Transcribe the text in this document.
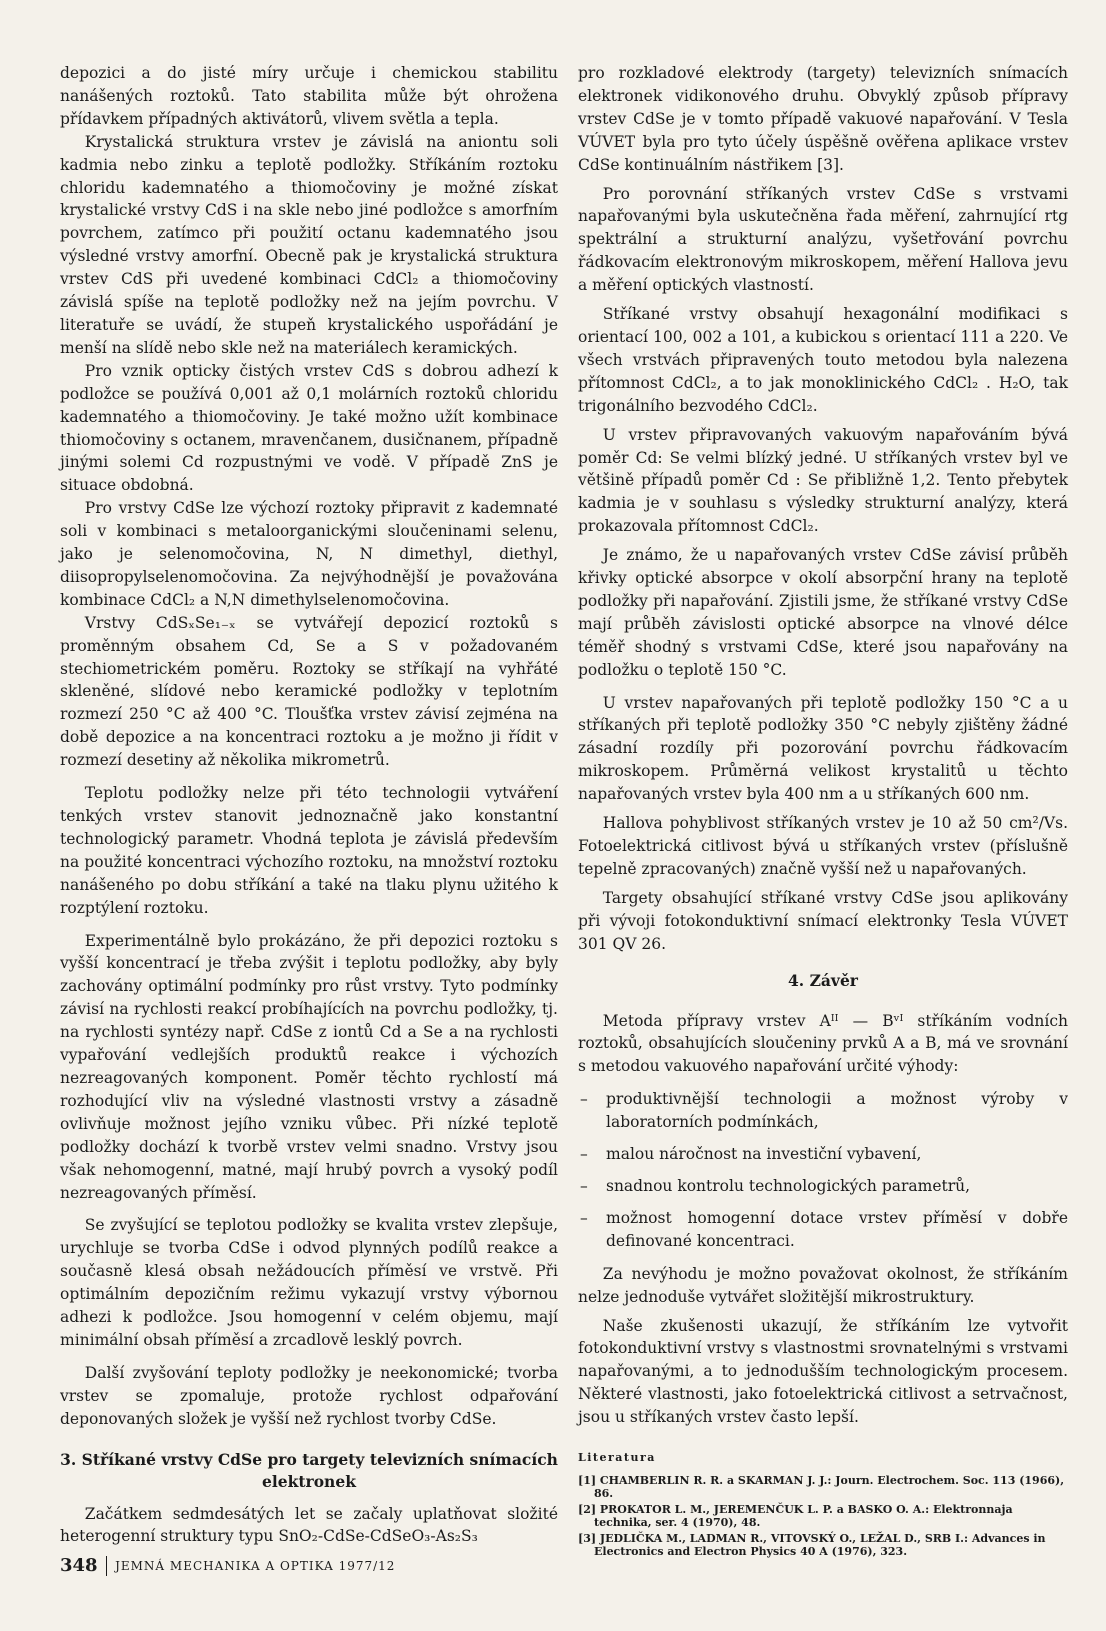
depozici a do jisté míry určuje i chemickou stabilitu nanášených roztoků. Tato stabilita může být ohrožena přídavkem případných aktivátorů, vlivem světla a tepla.

Krystalická struktura vrstev je závislá na aniontu soli kadmia nebo zinku a teplotě podložky. Stříkáním roztoku chloridu kademnatého a thiomočoviny je možné získat krystalické vrstvy CdS i na skle nebo jiné podložce s amorfním povrchem, zatímco při použití octanu kademnatého jsou výsledné vrstvy amorfní. Obecně pak je krystalická struktura vrstev CdS při uvedené kombinaci CdCl₂ a thiomočoviny závislá spíše na teplotě podložky než na jejím povrchu. V literatuře se uvádí, že stupeň krystalického uspořádání je menší na slídě nebo skle než na materiálech keramických.

Pro vznik opticky čistých vrstev CdS s dobrou adhezí k podložce se používá 0,001 až 0,1 molárních roztoků chloridu kademnatého a thiomočoviny. Je také možno užít kombinace thiomočoviny s octanem, mravenčanem, dusičnanem, případně jinými solemi Cd rozpustnými ve vodě. V případě ZnS je situace obdobná.

Pro vrstvy CdSe lze výchozí roztoky připravit z kademnaté soli v kombinaci s metaloorganickými sloučeninami selenu, jako je selenomočovina, N, N dimethyl, diethyl, diisopropylselenomočovina. Za nejvýhodnější je považována kombinace CdCl₂ a N,N dimethylselenomočovina.

Vrstvy CdSₓSe₁₋ₓ se vytvářejí depozicí roztoků s proměnným obsahem Cd, Se a S v požadovaném stechiometrickém poměru. Roztoky se stříkají na vyhřáté skleněné, slídové nebo keramické podložky v teplotním rozmezí 250 °C až 400 °C. Tloušťka vrstev závisí zejména na době depozice a na koncentraci roztoku a je možno ji řídit v rozmezí desetiny až několika mikrometrů.

Teplotu podložky nelze při této technologii vytváření tenkých vrstev stanovit jednoznačně jako konstantní technologický parametr. Vhodná teplota je závislá především na použité koncentraci výchozího roztoku, na množství roztoku nanášeného po dobu stříkání a také na tlaku plynu užitého k rozptýlení roztoku.

Experimentálně bylo prokázáno, že při depozici roztoku s vyšší koncentrací je třeba zvýšit i teplotu podložky, aby byly zachovány optimální podmínky pro růst vrstvy. Tyto podmínky závisí na rychlosti reakcí probíhajících na povrchu podložky, tj. na rychlosti syntézy např. CdSe z iontů Cd a Se a na rychlosti vypařování vedlejších produktů reakce i výchozích nezreagovaných komponent. Poměr těchto rychlostí má rozhodující vliv na výsledné vlastnosti vrstvy a zásadně ovlivňuje možnost jejího vzniku vůbec. Při nízké teplotě podložky dochází k tvorbě vrstev velmi snadno. Vrstvy jsou však nehomogenní, matné, mají hrubý povrch a vysoký podíl nezreagovaných příměsí.

Se zvyšující se teplotou podložky se kvalita vrstev zlepšuje, urychluje se tvorba CdSe i odvod plynných podílů reakce a současně klesá obsah nežádoucích příměsí ve vrstvě. Při optimálním depozičním režimu vykazují vrstvy výbornou adhezi k podložce. Jsou homogenní v celém objemu, mají minimální obsah příměsí a zrcadlově lesklý povrch.

Další zvyšování teploty podložky je neekonomické; tvorba vrstev se zpomaluje, protože rychlost odpařování deponovaných složek je vyšší než rychlost tvorby CdSe.

3. Stříkané vrstvy CdSe pro targety televizních snímacích elektronek

Začátkem sedmdesátých let se začaly uplatňovat složité heterogenní struktury typu SnO₂-CdSe-CdSeO₃-As₂S₃

pro rozkladové elektrody (targety) televizních snímacích elektronek vidikonového druhu. Obvyklý způsob přípravy vrstev CdSe je v tomto případě vakuové napařování. V Tesla VÚVET byla pro tyto účely úspěšně ověřena aplikace vrstev CdSe kontinuálním nástřikem [3].

Pro porovnání stříkaných vrstev CdSe s vrstvami napařovanými byla uskutečněna řada měření, zahrnující rtg spektrální a strukturní analýzu, vyšetřování povrchu řádkovacím elektronovým mikroskopem, měření Hallova jevu a měření optických vlastností.

Stříkané vrstvy obsahují hexagonální modifikaci s orientací 100, 002 a 101, a kubickou s orientací 111 a 220. Ve všech vrstvách připravených touto metodou byla nalezena přítomnost CdCl₂, a to jak monoklinického CdCl₂ . H₂O, tak trigonálního bezvodého CdCl₂.

U vrstev připravovaných vakuovým napařováním bývá poměr Cd: Se velmi blízký jedné. U stříkaných vrstev byl ve většině případů poměr Cd : Se přibližně 1,2. Tento přebytek kadmia je v souhlasu s výsledky strukturní analýzy, která prokazovala přítomnost CdCl₂.

Je známo, že u napařovaných vrstev CdSe závisí průběh křivky optické absorpce v okolí absorpční hrany na teplotě podložky při napařování. Zjistili jsme, že stříkané vrstvy CdSe mají průběh závislosti optické absorpce na vlnové délce téměř shodný s vrstvami CdSe, které jsou napařovány na podložku o teplotě 150 °C.

U vrstev napařovaných při teplotě podložky 150 °C a u stříkaných při teplotě podložky 350 °C nebyly zjištěny žádné zásadní rozdíly při pozorování povrchu řádkovacím mikroskopem. Průměrná velikost krystalitů u těchto napařovaných vrstev byla 400 nm a u stříkaných 600 nm.

Hallova pohyblivost stříkaných vrstev je 10 až 50 cm²/Vs. Fotoelektrická citlivost bývá u stříkaných vrstev (příslušně tepelně zpracovaných) značně vyšší než u napařovaných.

Targety obsahující stříkané vrstvy CdSe jsou aplikovány při vývoji fotokonduktivní snímací elektronky Tesla VÚVET 301 QV 26.

4. Závěr

Metoda přípravy vrstev Aᴵᴵ — Bᵛᴵ stříkáním vodních roztoků, obsahujících sloučeniny prvků A a B, má ve srovnání s metodou vakuového napařování určité výhody:

– produktivnější technologii a možnost výroby v laboratorních podmínkách,
– malou náročnost na investiční vybavení,
– snadnou kontrolu technologických parametrů,
– možnost homogenní dotace vrstev příměsí v dobře definované koncentraci.

Za nevýhodu je možno považovat okolnost, že stříkáním nelze jednoduše vytvářet složitější mikrostruktury.

Naše zkušenosti ukazují, že stříkáním lze vytvořit fotokonduktivní vrstvy s vlastnostmi srovnatelnými s vrstvami napařovanými, a to jednodušším technologickým procesem. Některé vlastnosti, jako fotoelektrická citlivost a setrvačnost, jsou u stříkaných vrstev často lepší.

Literatura
[1] CHAMBERLIN R. R. a SKARMAN J. J.: Journ. Electrochem. Soc. 113 (1966), 86.
[2] PROKATOR L. M., JEREMENČUK L. P. a BASKO O. A.: Elektronnaja technika, ser. 4 (1970), 48.
[3] JEDLIČKA M., LADMAN R., VITOVSKÝ O., LEŽAL D., SRB I.: Advances in Electronics and Electron Physics 40 A (1976), 323.
348 JEMNÁ MECHANIKA A OPTIKA 1977/12
